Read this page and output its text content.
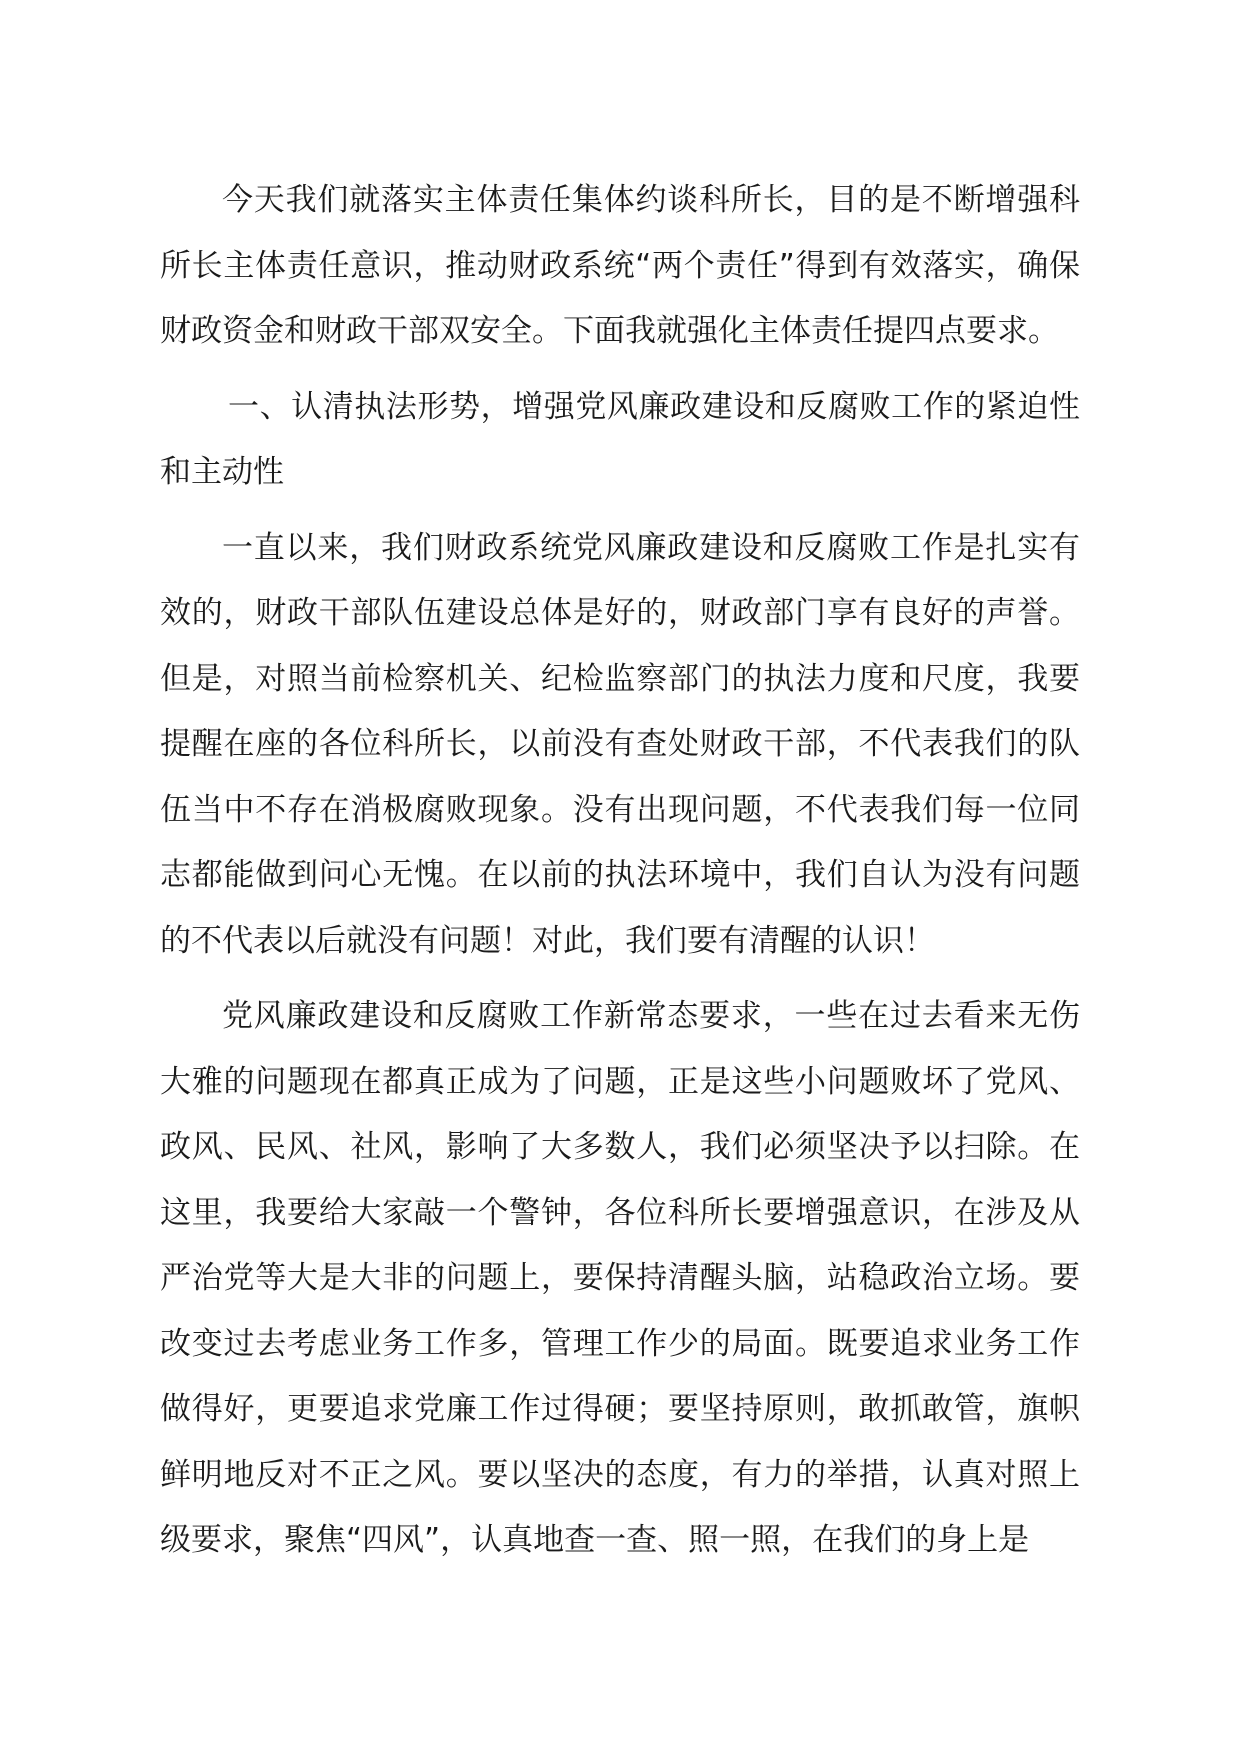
今天我们就落实主体责任集体约谈科所长，目的是不断增强科所长主体责任意识，推动财政系统“两个责任”得到有效落实，确保财政资金和财政干部双安全。下面我就强化主体责任提四点要求。

一、认清执法形势，增强党风廉政建设和反腐败工作的紧迫性和主动性

一直以来，我们财政系统党风廉政建设和反腐败工作是扎实有效的，财政干部队伍建设总体是好的，财政部门享有良好的声誉。但是，对照当前检察机关、纪检监察部门的执法力度和尺度，我要提醒在座的各位科所长，以前没有查处财政干部，不代表我们的队伍当中不存在消极腐败现象。没有出现问题，不代表我们每一位同志都能做到问心无愧。在以前的执法环境中，我们自认为没有问题的不代表以后就没有问题！对此，我们要有清醒的认识！

党风廉政建设和反腐败工作新常态要求，一些在过去看来无伤大雅的问题现在都真正成为了问题，正是这些小问题败坏了党风、政风、民风、社风，影响了大多数人，我们必须坚决予以扫除。在这里，我要给大家敲一个警钟，各位科所长要增强意识，在涉及从严治党等大是大非的问题上，要保持清醒头脑，站稳政治立场。要改变过去考虑业务工作多，管理工作少的局面。既要追求业务工作做得好，更要追求党廉工作过得硬；要坚持原则，敢抓敢管，旗帜鲜明地反对不正之风。要以坚决的态度，有力的举措，认真对照上级要求，聚焦“四风”，认真地查一查、照一照，在我们的身上是
